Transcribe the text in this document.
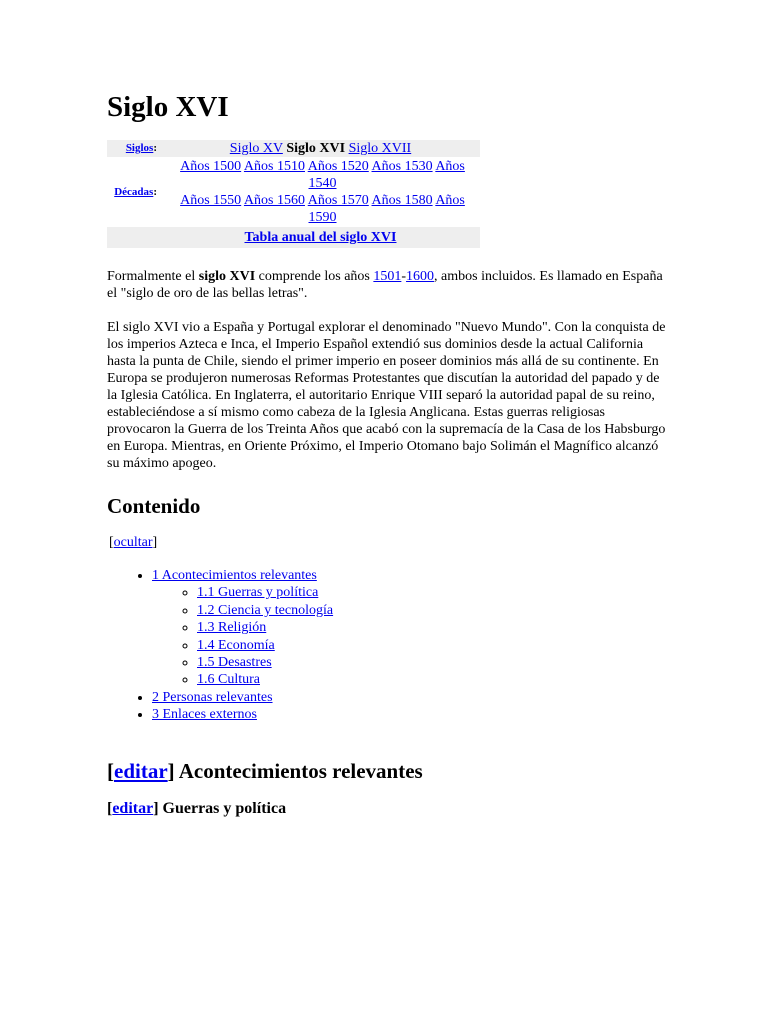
Siglo XVI
Siglos:	Siglo XV Siglo XVI Siglo XVII
Décadas:	Años 1500 Años 1510 Años 1520 Años 1530 Años 1540
Años 1550 Años 1560 Años 1570 Años 1580 Años 1590

	Tabla anual del siglo XVI

Formalmente el siglo XVI comprende los años 1501-1600, ambos incluidos. Es llamado en España el "siglo de oro de las bellas letras".

El siglo XVI vio a España y Portugal explorar el denominado "Nuevo Mundo". Con la conquista de los imperios Azteca e Inca, el Imperio Español extendió sus dominios desde la actual California hasta la punta de Chile, siendo el primer imperio en poseer dominios más allá de su continente. En Europa se produjeron numerosas Reformas Protestantes que discutían la autoridad del papado y de la Iglesia Católica. En Inglaterra, el autoritario Enrique VIII separó la autoridad papal de su reino, estableciéndose a sí mismo como cabeza de la Iglesia Anglicana. Estas guerras religiosas provocaron la Guerra de los Treinta Años que acabó con la supremacía de la Casa de los Habsburgo en Europa. Mientras, en Oriente Próximo, el Imperio Otomano bajo Solimán el Magnífico alcanzó su máximo apogeo.

Contenido
[ocultar]
• 1 Acontecimientos relevantes
◦ 1.1 Guerras y política
◦ 1.2 Ciencia y tecnología
◦ 1.3 Religión
◦ 1.4 Economía
◦ 1.5 Desastres
◦ 1.6 Cultura
• 2 Personas relevantes
• 3 Enlaces externos
[editar] Acontecimientos relevantes
[editar] Guerras y política
